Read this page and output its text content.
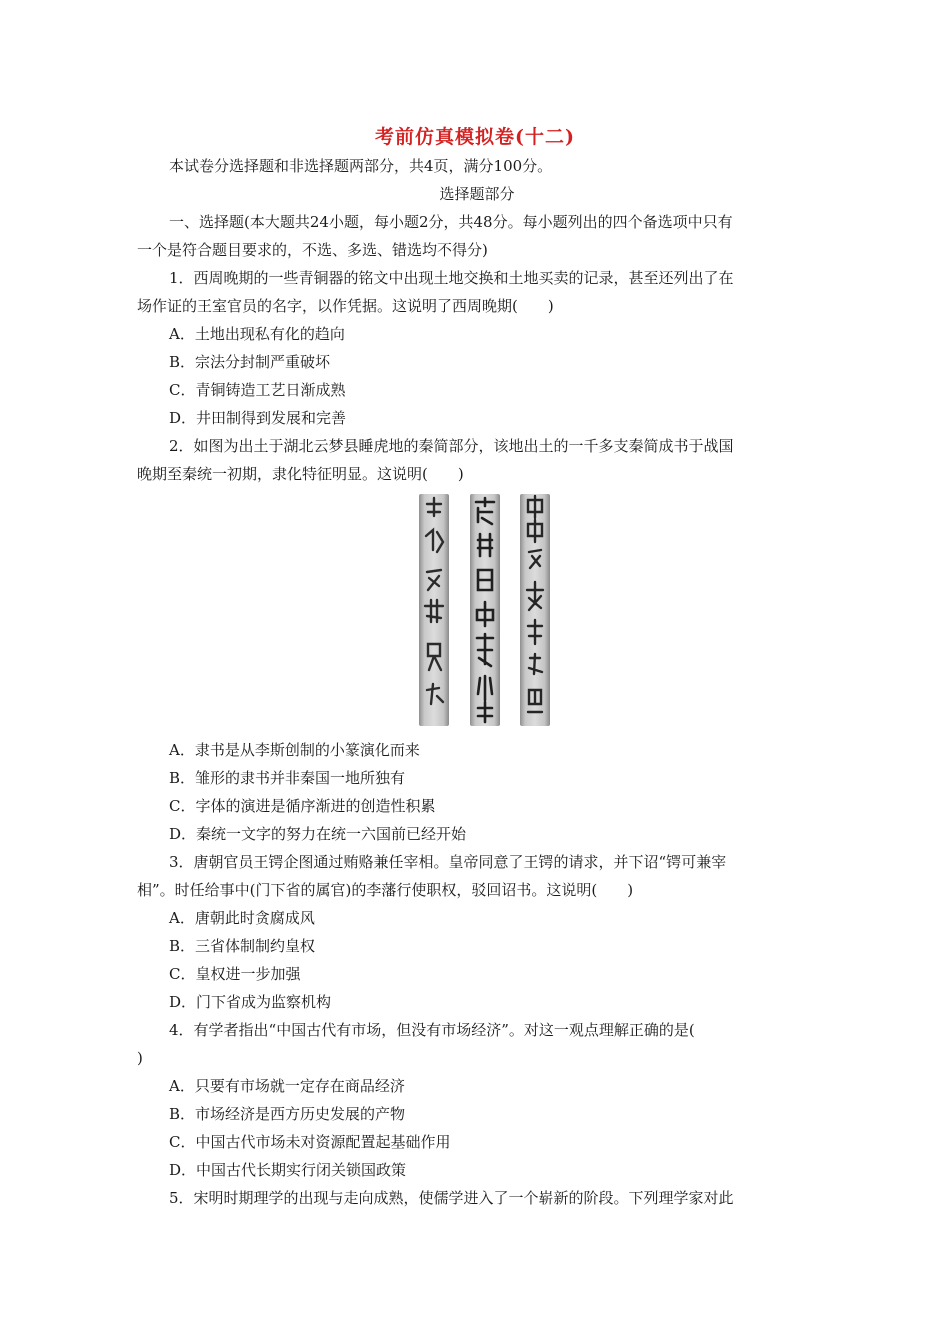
考前仿真模拟卷(十二)

本试卷分选择题和非选择题两部分，共4页，满分100分。

选择题部分

一、选择题(本大题共24小题，每小题2分，共48分。每小题列出的四个备选项中只有

一个是符合题目要求的，不选、多选、错选均不得分)

1．西周晚期的一些青铜器的铭文中出现土地交换和土地买卖的记录，甚至还列出了在

场作证的王室官员的名字，以作凭据。这说明了西周晚期(　　)

A．土地出现私有化的趋向

B．宗法分封制严重破坏

C．青铜铸造工艺日渐成熟

D．井田制得到发展和完善

2．如图为出土于湖北云梦县睡虎地的秦简部分，该地出土的一千多支秦简成书于战国

晚期至秦统一初期，隶化特征明显。这说明(　　)

A．隶书是从李斯创制的小篆演化而来

B．雏形的隶书并非秦国一地所独有

C．字体的演进是循序渐进的创造性积累

D．秦统一文字的努力在统一六国前已经开始

3．唐朝官员王锷企图通过贿赂兼任宰相。皇帝同意了王锷的请求，并下诏“锷可兼宰

相”。时任给事中(门下省的属官)的李藩行使职权，驳回诏书。这说明(　　)

A．唐朝此时贪腐成风

B．三省体制制约皇权

C．皇权进一步加强

D．门下省成为监察机构

4．有学者指出“中国古代有市场，但没有市场经济”。对这一观点理解正确的是(

)

A．只要有市场就一定存在商品经济

B．市场经济是西方历史发展的产物

C．中国古代市场未对资源配置起基础作用

D．中国古代长期实行闭关锁国政策

5．宋明时期理学的出现与走向成熟，使儒学进入了一个崭新的阶段。下列理学家对此
